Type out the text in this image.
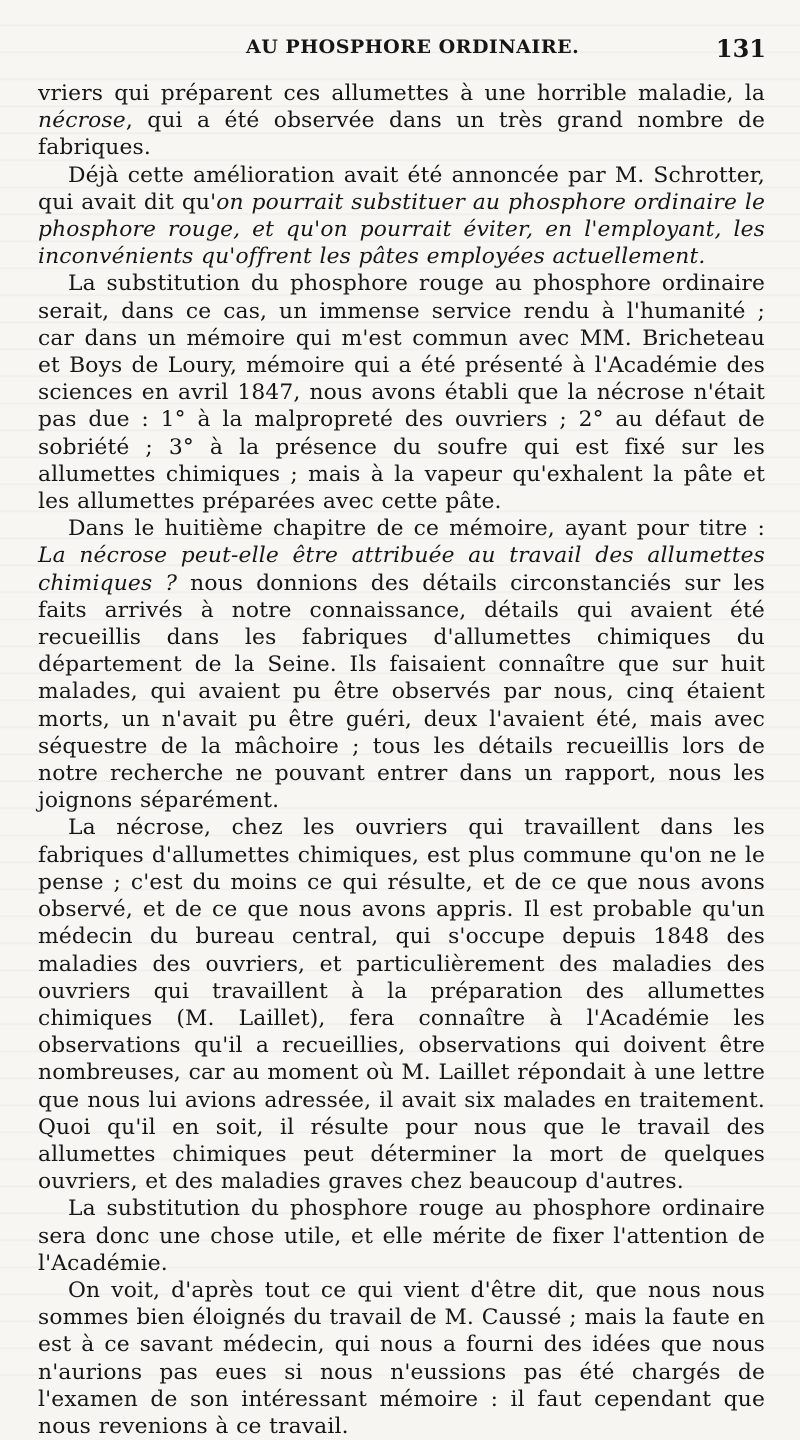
AU PHOSPHORE ORDINAIRE.	131

vriers qui préparent ces allumettes à une horrible maladie, la nécrose, qui a été observée dans un très grand nombre de fabriques.

Déjà cette amélioration avait été annoncée par M. Schrotter, qui avait dit qu'on pourrait substituer au phosphore ordinaire le phosphore rouge, et qu'on pourrait éviter, en l'employant, les inconvénients qu'offrent les pâtes employées actuellement.

La substitution du phosphore rouge au phosphore ordinaire serait, dans ce cas, un immense service rendu à l'humanité ; car dans un mémoire qui m'est commun avec MM. Bricheteau et Boys de Loury, mémoire qui a été présenté à l'Académie des sciences en avril 1847, nous avons établi que la nécrose n'était pas due : 1° à la malpropreté des ouvriers ; 2° au défaut de sobriété ; 3° à la présence du soufre qui est fixé sur les allumettes chimiques ; mais à la vapeur qu'exhalent la pâte et les allumettes préparées avec cette pâte.

Dans le huitième chapitre de ce mémoire, ayant pour titre : La nécrose peut-elle être attribuée au travail des allumettes chimiques ? nous donnions des détails circonstanciés sur les faits arrivés à notre connaissance, détails qui avaient été recueillis dans les fabriques d'allumettes chimiques du département de la Seine. Ils faisaient connaître que sur huit malades, qui avaient pu être observés par nous, cinq étaient morts, un n'avait pu être guéri, deux l'avaient été, mais avec séquestre de la mâchoire ; tous les détails recueillis lors de notre recherche ne pouvant entrer dans un rapport, nous les joignons séparément.

La nécrose, chez les ouvriers qui travaillent dans les fabriques d'allumettes chimiques, est plus commune qu'on ne le pense ; c'est du moins ce qui résulte, et de ce que nous avons observé, et de ce que nous avons appris. Il est probable qu'un médecin du bureau central, qui s'occupe depuis 1848 des maladies des ouvriers, et particulièrement des maladies des ouvriers qui travaillent à la préparation des allumettes chimiques (M. Laillet), fera connaître à l'Académie les observations qu'il a recueillies, observations qui doivent être nombreuses, car au moment où M. Laillet répondait à une lettre que nous lui avions adressée, il avait six malades en traitement. Quoi qu'il en soit, il résulte pour nous que le travail des allumettes chimiques peut déterminer la mort de quelques ouvriers, et des maladies graves chez beaucoup d'autres.

La substitution du phosphore rouge au phosphore ordinaire sera donc une chose utile, et elle mérite de fixer l'attention de l'Académie.

On voit, d'après tout ce qui vient d'être dit, que nous nous sommes bien éloignés du travail de M. Caussé ; mais la faute en est à ce savant médecin, qui nous a fourni des idées que nous n'aurions pas eues si nous n'eussions pas été chargés de l'examen de son intéressant mémoire : il faut cependant que nous revenions à ce travail.
